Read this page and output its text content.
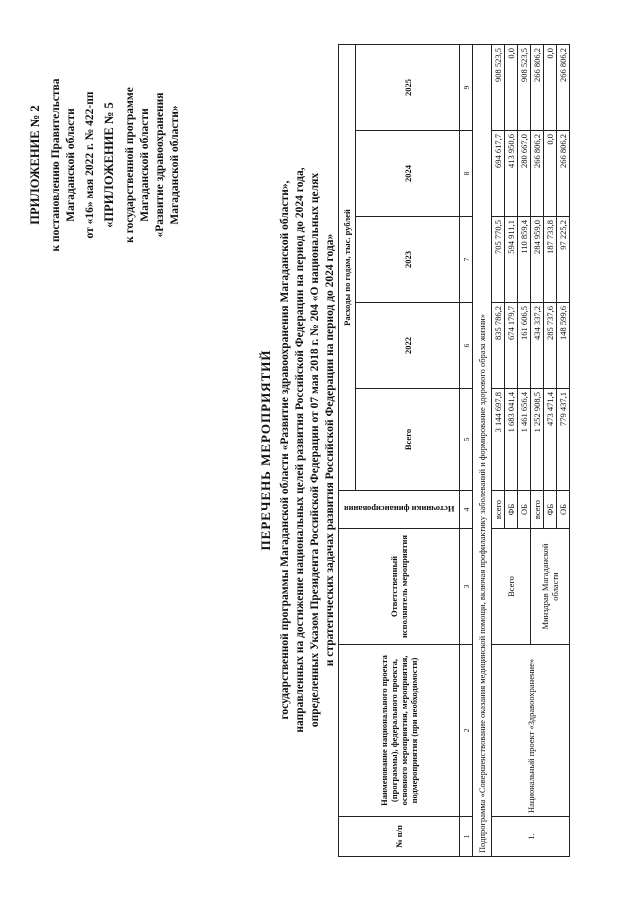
ПРИЛОЖЕНИЕ № 2 к постановлению Правительства Магаданской области от «16» мая 2022 г. № 422-пп «ПРИЛОЖЕНИЕ № 5 к государственной программе Магаданской области «Развитие здравоохранения Магаданской области»
ПЕРЕЧЕНЬ МЕРОПРИЯТИЙ государственной программы Магаданской области «Развитие здравоохранения Магаданской области», направленных на достижение национальных целей развития Российской Федерации на период до 2024 года, определенных Указом Президента Российской Федерации от 07 мая 2018 г. № 204 «О национальных целях и стратегических задачах развития Российской Федерации на период до 2024 года»
№ п/п	Наименование национального проекта (программы), федерального проекта, основного мероприятия, мероприятия, подмероприятия (при необходимости)	Ответственный исполнитель мероприятия	Источники финансирования	Расходы по годам, тыс. рублей				
				Всего	2022	2023	2024	2025
1	2	3	4	5	6	7	8	9
Подпрограмма «Совершенствование оказания медицинской помощи, включая профилактику заболеваний и формирование здорового образа жизни»								
1.	Национальный проект «Здравоохранение»	Всего	всего	3 144 697,8	835 786,2	705 770,5	694 617,7	908 523,5
			ФБ	1 683 041,4	674 179,7	594 911,1	413 950,6	0,0
			ОБ	1 461 656,4	161 606,5	110 859,4	280 667,0	908 523,5
		Минздрав Магаданской области	всего	1 252 908,5	434 337,2	284 959,0	266 806,2	266 806,2
			ФБ	473 471,4	285 737,6	187 733,8	0,0	0,0
			ОБ	779 437,1	148 599,6	97 225,2	266 806,2	266 806,2
